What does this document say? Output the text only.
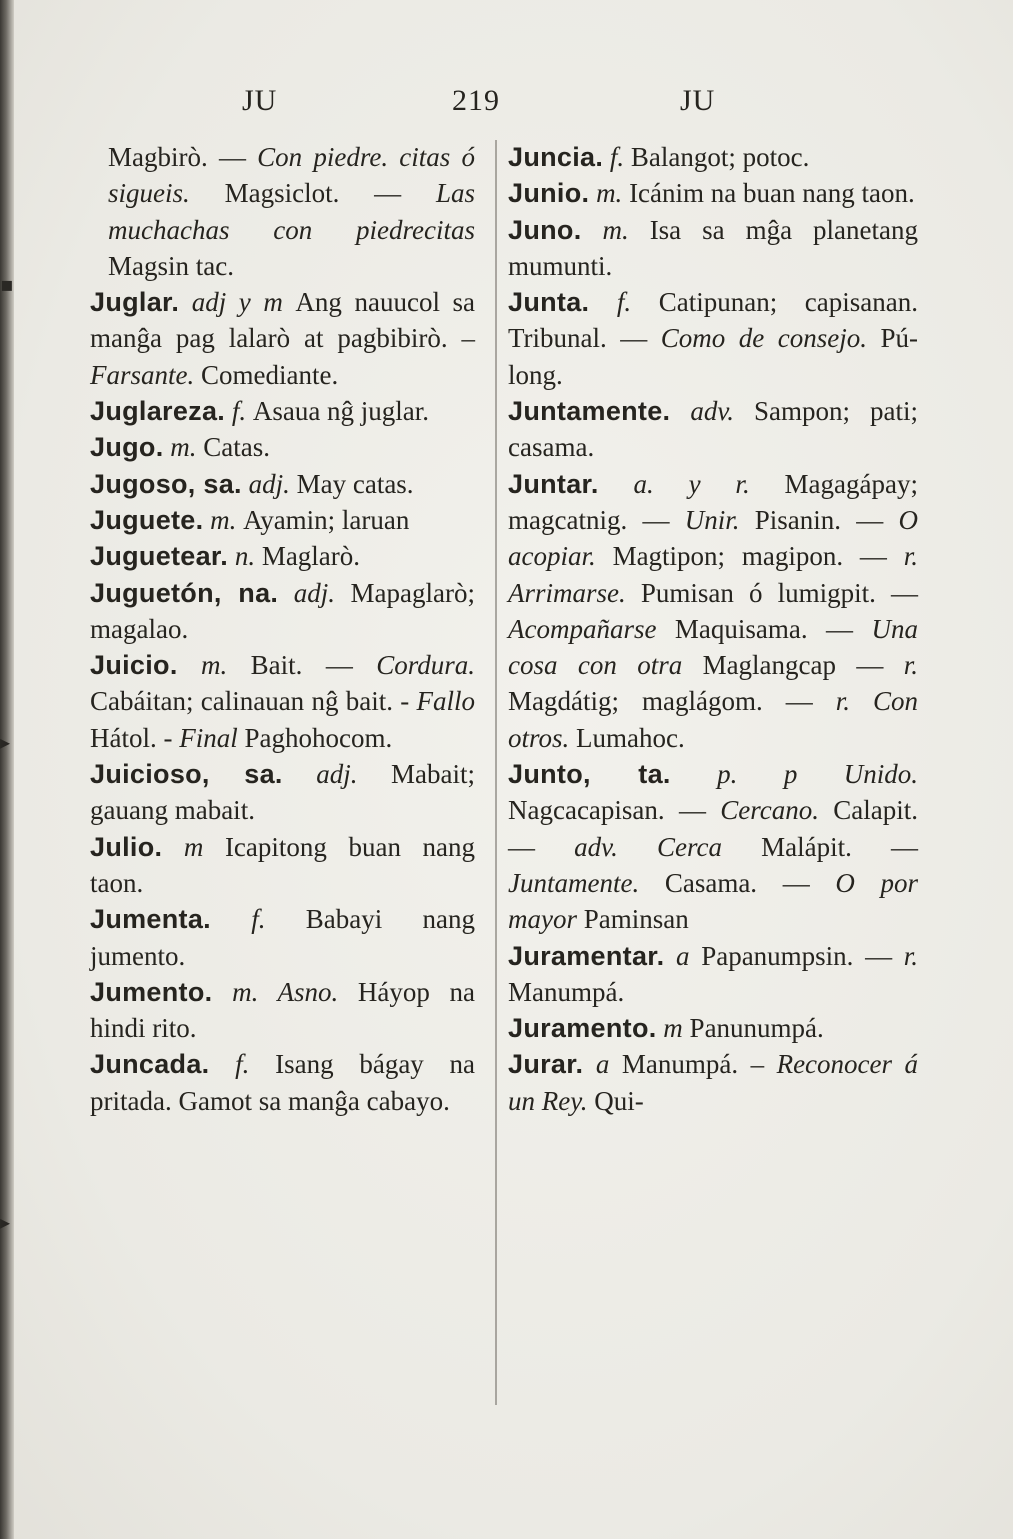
JU	219	JU
▪
▸
▸
Magbirò. — Con piedre. citas ó sigueis. Magsiclot. — Las muchachas con piedrecitas Magsin tac.
Juglar. adj y m Ang nauucol sa manĝa pag lalarò at pagbibirò. – Farsante. Comediante.
Juglareza. f. Asaua nĝ juglar.
Jugo. m. Catas.
Jugoso, sa. adj. May catas.
Juguete. m. Ayamin; laruan
Juguetear. n. Maglarò.
Juguetón, na. adj. Mapaglarò; magalao.
Juicio. m. Bait. — Cordura. Cabáitan; calinauan nĝ bait. - Fallo Hátol. - Final Paghohocom.
Juicioso, sa. adj. Mabait; gauang mabait.
Julio. m Icapitong buan nang taon.
Jumenta. f. Babayi nang jumento.
Jumento. m. Asno. Háyop na hindi rito.
Juncada. f. Isang bágay na pritada. Gamot sa manĝa cabayo.
Juncia. f. Balangot; potoc.
Junio. m. Icánim na buan nang taon.
Juno. m. Isa sa mĝa planetang mumunti.
Junta. f. Catipunan; capisanan. Tribunal. — Como de consejo. Púlong.
Juntamente. adv. Sampon; pati; casama.
Juntar. a. y r. Magagápay; magcatnig. — Unir. Pisanin. — O acopiar. Magtipon; magipon. — r. Arrimarse. Pumisan ó lumigpit. — Acompañarse Maquisama. — Una cosa con otra Maglangcap — r. Magdátig; maglágom. — r. Con otros. Lumahoc.
Junto, ta. p. p Unido. Nagcacapisan. — Cercano. Calapit. — adv. Cerca Malápit. — Juntamente. Casama. — O por mayor Paminsan
Juramentar. a Papanumpsin. — r. Manumpá.
Juramento. m Panunumpá.
Jurar. a Manumpá. – Reconocer á un Rey. Qui-
